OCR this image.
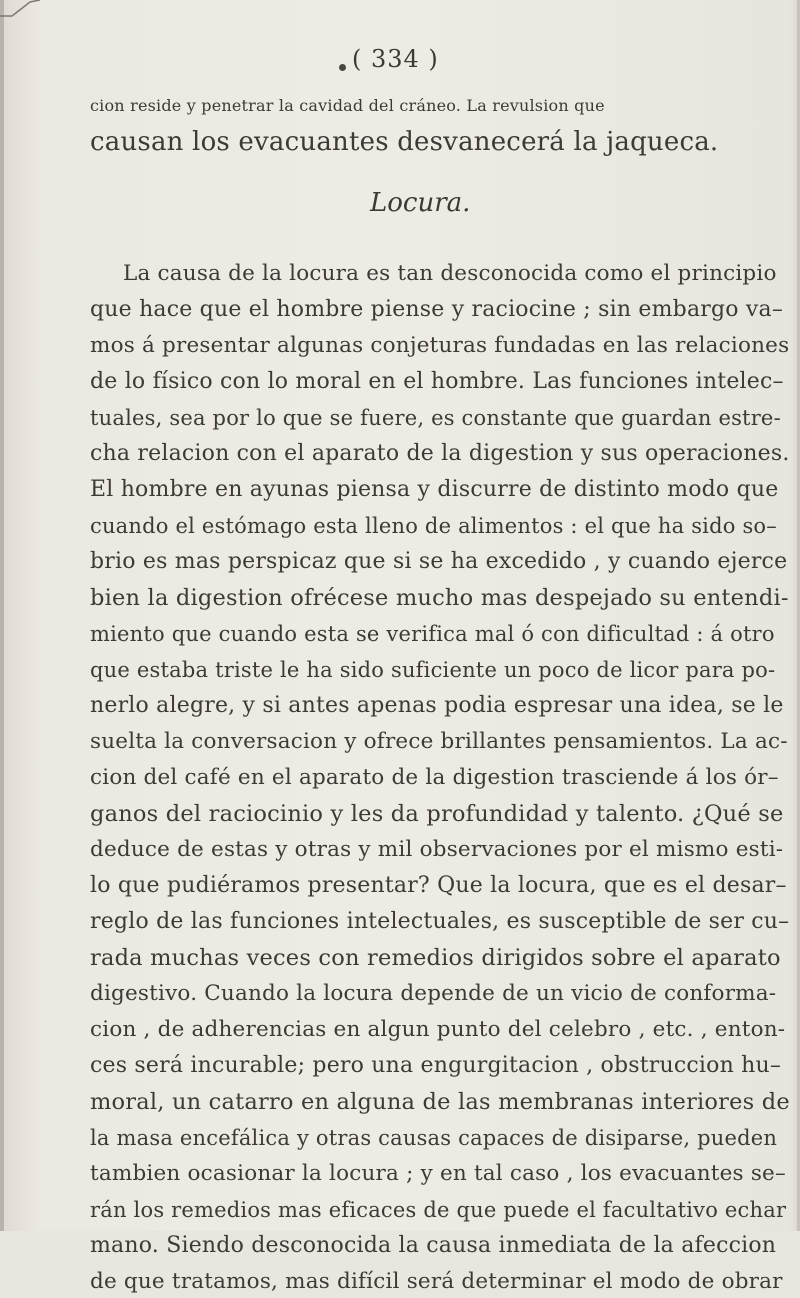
( 334 )
cion reside y penetrar la cavidad del cráneo. La revulsion que
causan los evacuantes desvanecerá la jaqueca.
La causa de la locura es tan desconocida como el principio
que hace que el hombre piense y raciocine ; sin embargo va–
mos á presentar algunas conjeturas fundadas en las relaciones
de lo físico con lo moral en el hombre. Las funciones intelec–
tuales, sea por lo que se fuere, es constante que guardan estre-
cha relacion con el aparato de la digestion y sus operaciones.
El hombre en ayunas piensa y discurre de distinto modo que
cuando el estómago esta lleno de alimentos : el que ha sido so–
brio es mas perspicaz que si se ha excedido , y cuando ejerce
bien la digestion ofrécese mucho mas despejado su entendi-
miento que cuando esta se verifica mal ó con dificultad : á otro
que estaba triste le ha sido suficiente un poco de licor para po-
nerlo alegre, y si antes apenas podia espresar una idea, se le
suelta la conversacion y ofrece brillantes pensamientos. La ac-
cion del café en el aparato de la digestion trasciende á los ór–
ganos del raciocinio y les da profundidad y talento. ¿Qué se
deduce de estas y otras y mil observaciones por el mismo esti-
lo que pudiéramos presentar? Que la locura, que es el desar–
reglo de las funciones intelectuales, es susceptible de ser cu–
rada muchas veces con remedios dirigidos sobre el aparato
digestivo. Cuando la locura depende de un vicio de conforma-
cion , de adherencias en algun punto del celebro , etc. , enton-
ces será incurable; pero una engurgitacion , obstruccion hu–
moral, un catarro en alguna de las membranas interiores de
la masa encefálica y otras causas capaces de disiparse, pueden
tambien ocasionar la locura ; y en tal caso , los evacuantes se–
rán los remedios mas eficaces de que puede el facultativo echar
mano. Siendo desconocida la causa inmediata de la afeccion
de que tratamos, mas difícil será determinar el modo de obrar
Locura.
